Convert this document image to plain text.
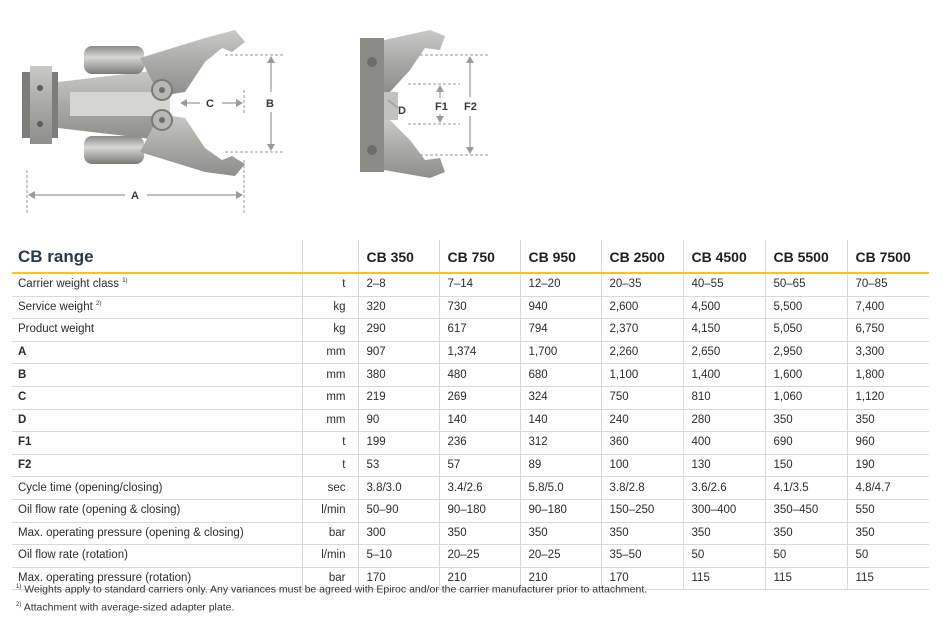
A
B
C
D	F1 F2
CB range		CB 350	CB 750	CB 950	CB 2500	CB 4500	CB 5500	CB 7500
Carrier weight class $^{1)}$	t	2–8	7–14	12–20	20–35	40–55	50–65	70–85
Service weight $^{2)}$	kg	320	730	940	2,600	4,500	5,500	7,400
Product weight	kg	290	617	794	2,370	4,150	5,050	6,750
A	mm	907	1,374	1,700	2,260	2,650	2,950	3,300
B	mm	380	480	680	1,100	1,400	1,600	1,800
C	mm	219	269	324	750	810	1,060	1,120
D	mm	90	140	140	240	280	350	350
F1	t	199	236	312	360	400	690	960
F2	t	53	57	89	100	130	150	190
Cycle time (opening/closing)	sec	3.8/3.0	3.4/2.6	5.8/5.0	3.8/2.8	3.6/2.6	4.1/3.5	4.8/4.7
Oil flow rate (opening & closing)	l/min	50–90	90–180	90–180	150–250	300–400	350–450	550
Max. operating pressure (opening & closing)	bar	300	350	350	350	350	350	350
Oil flow rate (rotation)	l/min	5–10	20–25	20–25	35–50	50	50	50
Max. operating pressure (rotation)	bar	170	210	210	170	115	115	115
$^{1)}$ Weights apply to standard carriers only. Any variances must be agreed with Epiroc and/or the carrier manufacturer prior to attachment.
$^{2)}$ Attachment with average-sized adapter plate.
